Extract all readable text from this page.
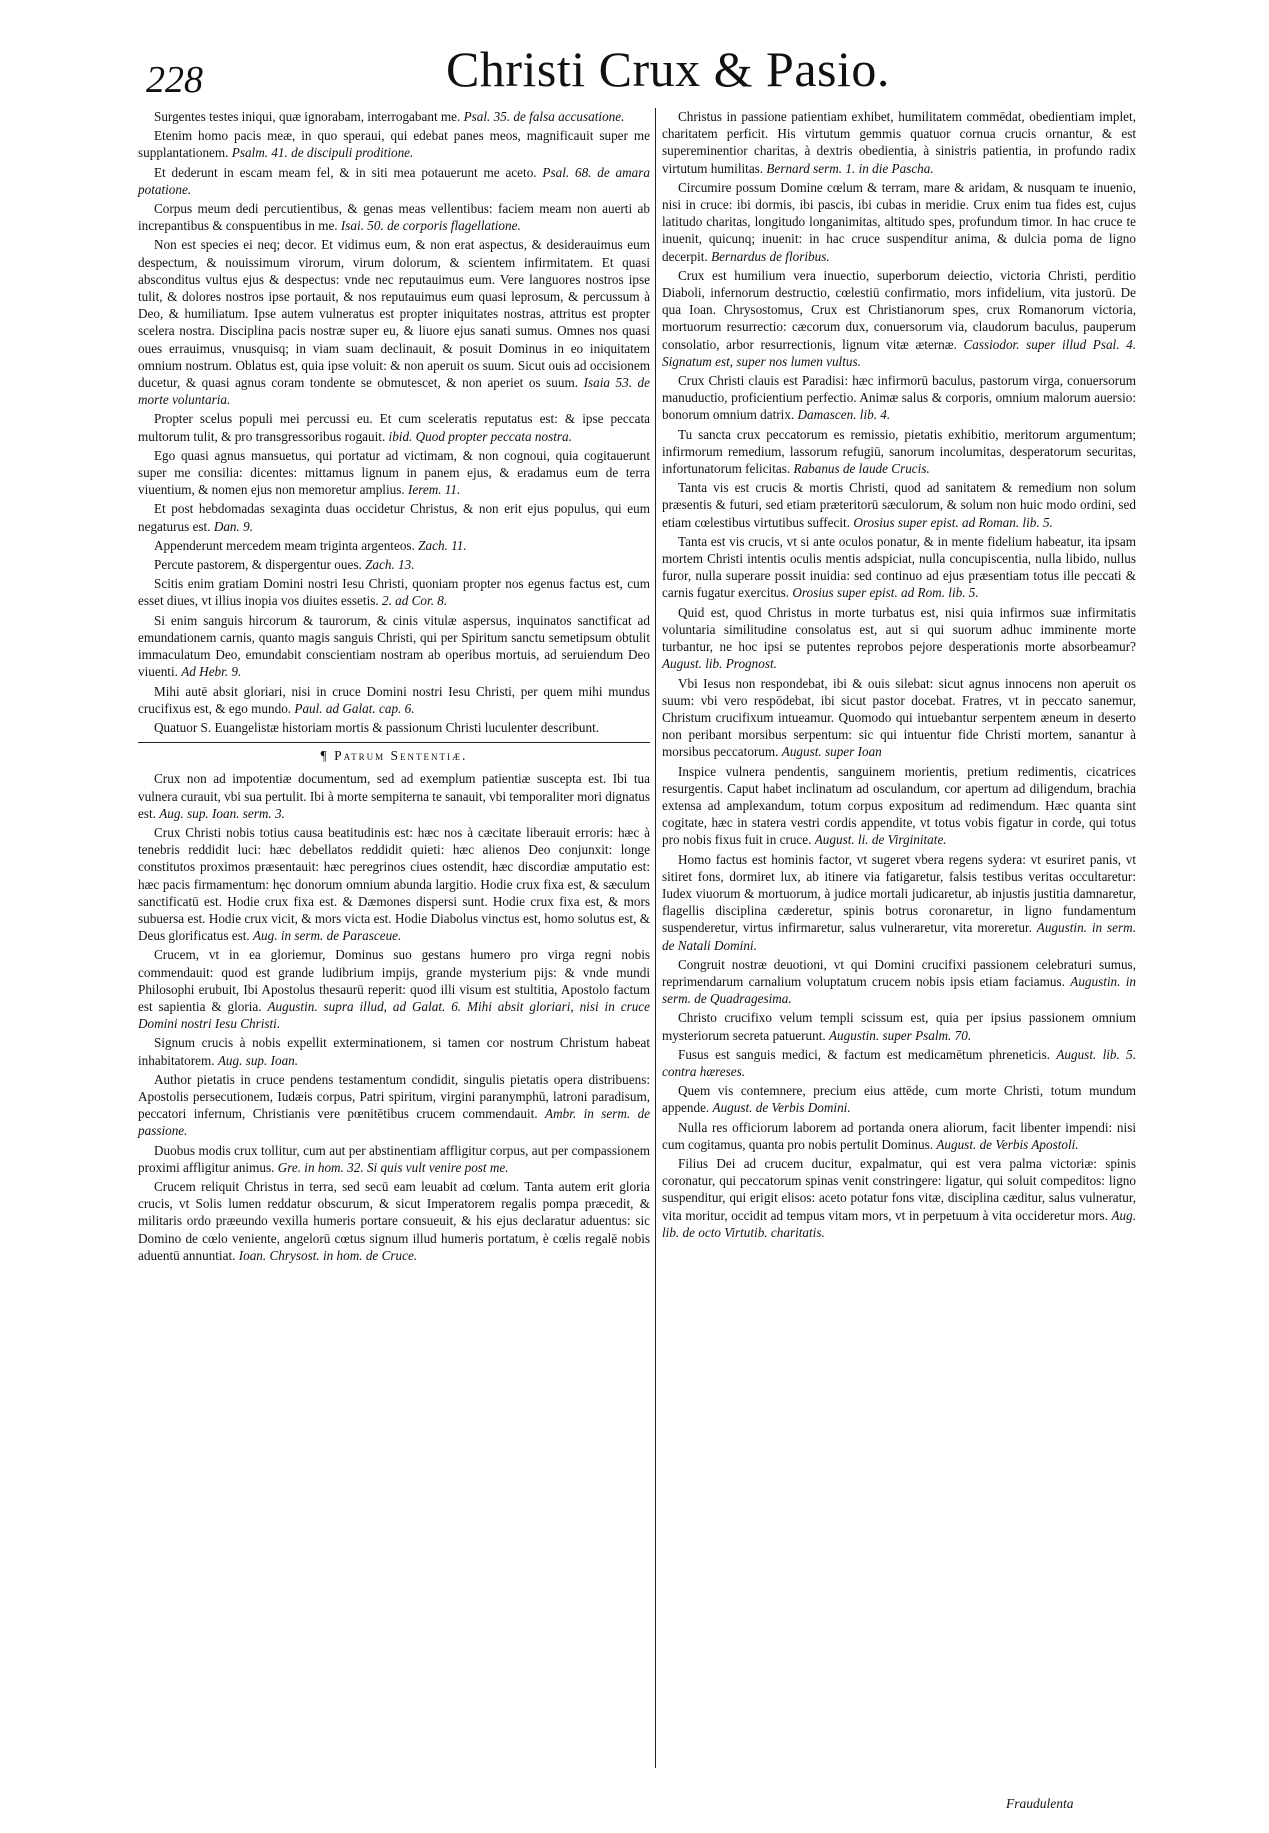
228	Christi Crux & Pasio.

Surgentes testes iniqui, quæ ignorabam, interrogabant me. Psal. 35. de falsa accusatione.

Etenim homo pacis meæ, in quo speraui, qui edebat panes meos, magnificauit super me supplantationem. Psalm. 41. de discipuli proditione.

Et dederunt in escam meam fel, & in siti mea potauerunt me aceto. Psal. 68. de amara potatione.

Corpus meum dedi percutientibus, & genas meas vellentibus: faciem meam non auerti ab increpantibus & conspuentibus in me. Isai. 50. de corporis flagellatione.

Non est species ei neq; decor. Et vidimus eum, & non erat aspectus, & desiderauimus eum despectum, & nouissimum virorum, virum dolorum, & scientem infirmitatem. Et quasi absconditus vultus ejus & despectus: vnde nec reputauimus eum. Vere languores nostros ipse tulit, & dolores nostros ipse portauit, & nos reputauimus eum quasi leprosum, & percussum à Deo, & humiliatum. Ipse autem vulneratus est propter iniquitates nostras, attritus est propter scelera nostra. Disciplina pacis nostræ super eu, & liuore ejus sanati sumus. Omnes nos quasi oues errauimus, vnusquisq; in viam suam declinauit, & posuit Dominus in eo iniquitatem omnium nostrum. Oblatus est, quia ipse voluit: & non aperuit os suum. Sicut ouis ad occisionem ducetur, & quasi agnus coram tondente se obmutescet, & non aperiet os suum. Isaia 53. de morte voluntaria.

Propter scelus populi mei percussi eu. Et cum sceleratis reputatus est: & ipse peccata multorum tulit, & pro transgressoribus rogauit. ibid. Quod propter peccata nostra.

Ego quasi agnus mansuetus, qui portatur ad victimam, & non cognoui, quia cogitauerunt super me consilia: dicentes: mittamus lignum in panem ejus, & eradamus eum de terra viuentium, & nomen ejus non memoretur amplius. Ierem. 11.

Et post hebdomadas sexaginta duas occidetur Christus, & non erit ejus populus, qui eum negaturus est. Dan. 9.

Appenderunt mercedem meam triginta argenteos. Zach. 11.

Percute pastorem, & dispergentur oues. Zach. 13.

Scitis enim gratiam Domini nostri Iesu Christi, quoniam propter nos egenus factus est, cum esset diues, vt illius inopia vos diuites essetis. 2. ad Cor. 8.

Si enim sanguis hircorum & taurorum, & cinis vitulæ aspersus, inquinatos sanctificat ad emundationem carnis, quanto magis sanguis Christi, qui per Spiritum sanctu semetipsum obtulit immaculatum Deo, emundabit conscientiam nostram ab operibus mortuis, ad seruiendum Deo viuenti. Ad Hebr. 9.

Mihi autē absit gloriari, nisi in cruce Domini nostri Iesu Christi, per quem mihi mundus crucifixus est, & ego mundo. Paul. ad Galat. cap. 6.

Quatuor S. Euangelistæ historiam mortis & passionum Christi luculenter describunt.

¶ Patrum Sententiæ.

Crux non ad impotentiæ documentum, sed ad exemplum patientiæ suscepta est. Ibi tua vulnera curauit, vbi sua pertulit. Ibi à morte sempiterna te sanauit, vbi temporaliter mori dignatus est. Aug. sup. Ioan. serm. 3.

Crux Christi nobis totius causa beatitudinis est: hæc nos à cæcitate liberauit erroris: hæc à tenebris reddidit luci: hæc debellatos reddidit quieti: hæc alienos Deo conjunxit: longe constitutos proximos præsentauit: hæc peregrinos ciues ostendit, hæc discordiæ amputatio est: hæc pacis firmamentum: hęc donorum omnium abunda largitio. Hodie crux fixa est, & sæculum sanctificatū est. Hodie crux fixa est. & Dæmones dispersi sunt. Hodie crux fixa est, & mors subuersa est. Hodie crux vicit, & mors victa est. Hodie Diabolus vinctus est, homo solutus est, & Deus glorificatus est. Aug. in serm. de Parasceue.

Crucem, vt in ea gloriemur, Dominus suo gestans humero pro virga regni nobis commendauit: quod est grande ludibrium impijs, grande mysterium pijs: & vnde mundi Philosophi erubuit, Ibi Apostolus thesaurū reperit: quod illi visum est stultitia, Apostolo factum est sapientia & gloria. Augustin. supra illud, ad Galat. 6. Mihi absit gloriari, nisi in cruce Domini nostri Iesu Christi.

Signum crucis à nobis expellit exterminationem, si tamen cor nostrum Christum habeat inhabitatorem. Aug. sup. Ioan.

Author pietatis in cruce pendens testamentum condidit, singulis pietatis opera distribuens: Apostolis persecutionem, Iudæis corpus, Patri spiritum, virgini paranymphū, latroni paradisum, peccatori infernum, Christianis vere pœnitētibus crucem commendauit. Ambr. in serm. de passione.

Duobus modis crux tollitur, cum aut per abstinentiam affligitur corpus, aut per compassionem proximi affligitur animus. Gre. in hom. 32. Si quis vult venire post me.

Crucem reliquit Christus in terra, sed secū eam leuabit ad cœlum. Tanta autem erit gloria crucis, vt Solis lumen reddatur obscurum, & sicut Imperatorem regalis pompa præcedit, & militaris ordo præeundo vexilla humeris portare consueuit, & his ejus declaratur aduentus: sic Domino de cœlo veniente, angelorū cœtus signum illud humeris portatum, è cœlis regalē nobis aduentū annuntiat. Ioan. Chrysost. in hom. de Cruce.

Christus in passione patientiam exhibet, humilitatem commēdat, obedientiam implet, charitatem perficit. His virtutum gemmis quatuor cornua crucis ornantur, & est supereminentior charitas, à dextris obedientia, à sinistris patientia, in profundo radix virtutum humilitas. Bernard serm. 1. in die Pascha.

Circumire possum Domine cœlum & terram, mare & aridam, & nusquam te inuenio, nisi in cruce: ibi dormis, ibi pascis, ibi cubas in meridie. Crux enim tua fides est, cujus latitudo charitas, longitudo longanimitas, altitudo spes, profundum timor. In hac cruce te inuenit, quicunq; inuenit: in hac cruce suspenditur anima, & dulcia poma de ligno decerpit. Bernardus de floribus.

Crux est humilium vera inuectio, superborum deiectio, victoria Christi, perditio Diaboli, infernorum destructio, cœlestiū confirmatio, mors infidelium, vita justorū. De qua Ioan. Chrysostomus, Crux est Christianorum spes, crux Romanorum victoria, mortuorum resurrectio: cæcorum dux, conuersorum via, claudorum baculus, pauperum consolatio, arbor resurrectionis, lignum vitæ æternæ. Cassiodor. super illud Psal. 4. Signatum est, super nos lumen vultus.

Crux Christi clauis est Paradisi: hæc infirmorū baculus, pastorum virga, conuersorum manuductio, proficientium perfectio. Animæ salus & corporis, omnium malorum auersio: bonorum omnium datrix. Damascen. lib. 4.

Tu sancta crux peccatorum es remissio, pietatis exhibitio, meritorum argumentum; infirmorum remedium, lassorum refugiū, sanorum incolumitas, desperatorum securitas, infortunatorum felicitas. Rabanus de laude Crucis.

Tanta vis est crucis & mortis Christi, quod ad sanitatem & remedium non solum præsentis & futuri, sed etiam præteritorū sæculorum, & solum non huic modo ordini, sed etiam cœlestibus virtutibus suffecit. Orosius super epist. ad Roman. lib. 5.

Tanta est vis crucis, vt si ante oculos ponatur, & in mente fidelium habeatur, ita ipsam mortem Christi intentis oculis mentis adspiciat, nulla concupiscentia, nulla libido, nullus furor, nulla superare possit inuidia: sed continuo ad ejus præsentiam totus ille peccati & carnis fugatur exercitus. Orosius super epist. ad Rom. lib. 5.

Quid est, quod Christus in morte turbatus est, nisi quia infirmos suæ infirmitatis voluntaria similitudine consolatus est, aut si qui suorum adhuc imminente morte turbantur, ne hoc ipsi se putentes reprobos pejore desperationis morte absorbeamur? August. lib. Prognost.

Vbi Iesus non respondebat, ibi & ouis silebat: sicut agnus innocens non aperuit os suum: vbi vero respōdebat, ibi sicut pastor docebat. Fratres, vt in peccato sanemur, Christum crucifixum intueamur. Quomodo qui intuebantur serpentem æneum in deserto non peribant morsibus serpentum: sic qui intuentur fide Christi mortem, sanantur à morsibus peccatorum. August. super Ioan

Inspice vulnera pendentis, sanguinem morientis, pretium redimentis, cicatrices resurgentis. Caput habet inclinatum ad osculandum, cor apertum ad diligendum, brachia extensa ad amplexandum, totum corpus expositum ad redimendum. Hæc quanta sint cogitate, hæc in statera vestri cordis appendite, vt totus vobis figatur in corde, qui totus pro nobis fixus fuit in cruce. August. li. de Virginitate.

Homo factus est hominis factor, vt sugeret vbera regens sydera: vt esuriret panis, vt sitiret fons, dormiret lux, ab itinere via fatigaretur, falsis testibus veritas occultaretur: Iudex viuorum & mortuorum, à judice mortali judicaretur, ab injustis justitia damnaretur, flagellis disciplina cæderetur, spinis botrus coronaretur, in ligno fundamentum suspenderetur, virtus infirmaretur, salus vulneraretur, vita moreretur. Augustin. in serm. de Natali Domini.

Congruit nostræ deuotioni, vt qui Domini crucifixi passionem celebraturi sumus, reprimendarum carnalium voluptatum crucem nobis ipsis etiam faciamus. Augustin. in serm. de Quadragesima.

Christo crucifixo velum templi scissum est, quia per ipsius passionem omnium mysteriorum secreta patuerunt. Augustin. super Psalm. 70.

Fusus est sanguis medici, & factum est medicamētum phreneticis. August. lib. 5. contra hæreses.

Quem vis contemnere, precium eius attēde, cum morte Christi, totum mundum appende. August. de Verbis Domini.

Nulla res officiorum laborem ad portanda onera aliorum, facit libenter impendi: nisi cum cogitamus, quanta pro nobis pertulit Dominus. August. de Verbis Apostoli.

Filius Dei ad crucem ducitur, expalmatur, qui est vera palma victoriæ: spinis coronatur, qui peccatorum spinas venit constringere: ligatur, qui soluit compeditos: ligno suspenditur, qui erigit elisos: aceto potatur fons vitæ, disciplina cæditur, salus vulneratur, vita moritur, occidit ad tempus vitam mors, vt in perpetuum à vita occideretur mors. Aug. lib. de octo Virtutib. charitatis.

Fraudulenta
